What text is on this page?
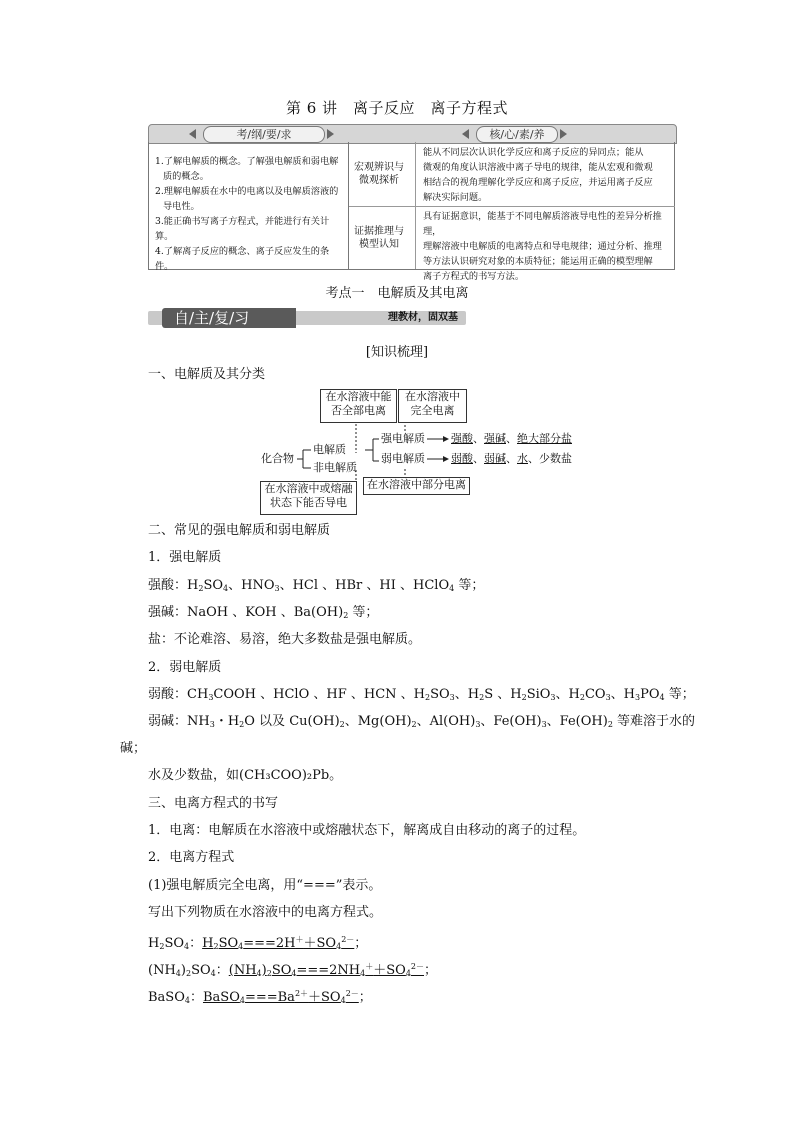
第 6 讲　离子反应　离子方程式
考/纲/要/求	核/心/素/养
1.了解电解质的概念。了解强电解质和弱电解
质的概念。
2.理解电解质在水中的电离以及电解质溶液的
导电性。
3.能正确书写离子方程式，并能进行有关计算。
4.了解离子反应的概念、离子反应发生的条件。
宏观辨识与
微观探析
能从不同层次认识化学反应和离子反应的异同点；能从
微观的角度认识溶液中离子导电的规律，能从宏观和微观
相结合的视角理解化学反应和离子反应，并运用离子反应
解决实际问题。
证据推理与
模型认知
具有证据意识，能基于不同电解质溶液导电性的差异分析推理，
理解溶液中电解质的电离特点和导电规律；通过分析、推理
等方法认识研究对象的本质特征；能运用正确的模型理解
离子方程式的书写方法。
考点一　电解质及其电离
自/主/复/习	理教材，固双基
[知识梳理]
一、电解质及其分类
在水溶液中能
否全部电离
在水溶液中
完全电离
化合物
电解质
非电解质
强电解质
弱电解质
强酸、强碱、绝大部分盐
弱酸、弱碱、水、少数盐
在水溶液中或熔融
状态下能否导电
在水溶液中部分电离
二、常见的强电解质和弱电解质
1．强电解质
强酸：$H_2SO_4$、$HNO_3$、HCl 、HBr 、HI 、HClO$_4$ 等；
强碱：NaOH 、KOH 、$Ba(OH)_2$ 等；
盐：不论难溶、易溶，绝大多数盐是强电解质。
2．弱电解质
弱酸：$CH_3COOH$ 、HClO 、HF 、HCN 、$H_2SO_3$、$H_2S$ 、$H_2SiO_3$、$H_2CO_3$、$H_3PO_4$ 等；
弱碱：$NH_3$・$H_2O$ 以及 $Cu(OH)_2$、$Mg(OH)_2$、$Al(OH)_3$、$Fe(OH)_3$、$Fe(OH)_2$ 等难溶于水的
碱；
水及少数盐，如(CH₃COO)₂Pb。
三、电离方程式的书写
1．电离：电解质在水溶液中或熔融状态下，解离成自由移动的离子的过程。
2．电离方程式
(1)强电解质完全电离，用“===”表示。
写出下列物质在水溶液中的电离方程式。
$H_2SO_4$：$H_2SO_4===2H^++SO_4^{2-}$；
$(NH_4)_2SO_4$：$(NH_4)_2SO_4===2NH_4^++SO_4^{2-}$；
BaSO$_4$：$BaSO_4===Ba^{2+}+SO_4^{2-}$；
